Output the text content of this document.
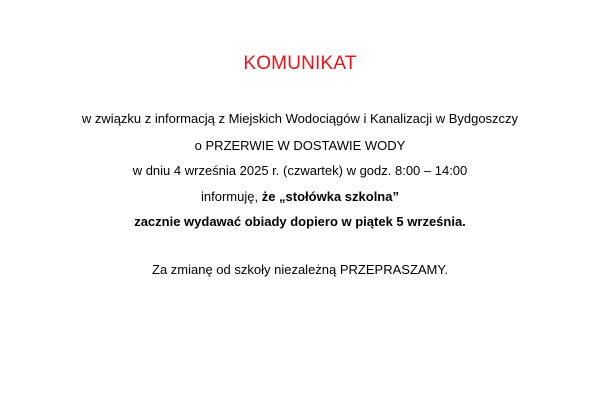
KOMUNIKAT
w związku z informacją z Miejskich Wodociągów i Kanalizacji w Bydgoszczy
o PRZERWIE W DOSTAWIE WODY
w dniu 4 września 2025 r. (czwartek) w godz. 8:00 – 14:00
informuję, że „stołówka szkolna”
zacznie wydawać obiady dopiero w piątek 5 września.
Za zmianę od szkoły niezależną PRZEPRASZAMY.
